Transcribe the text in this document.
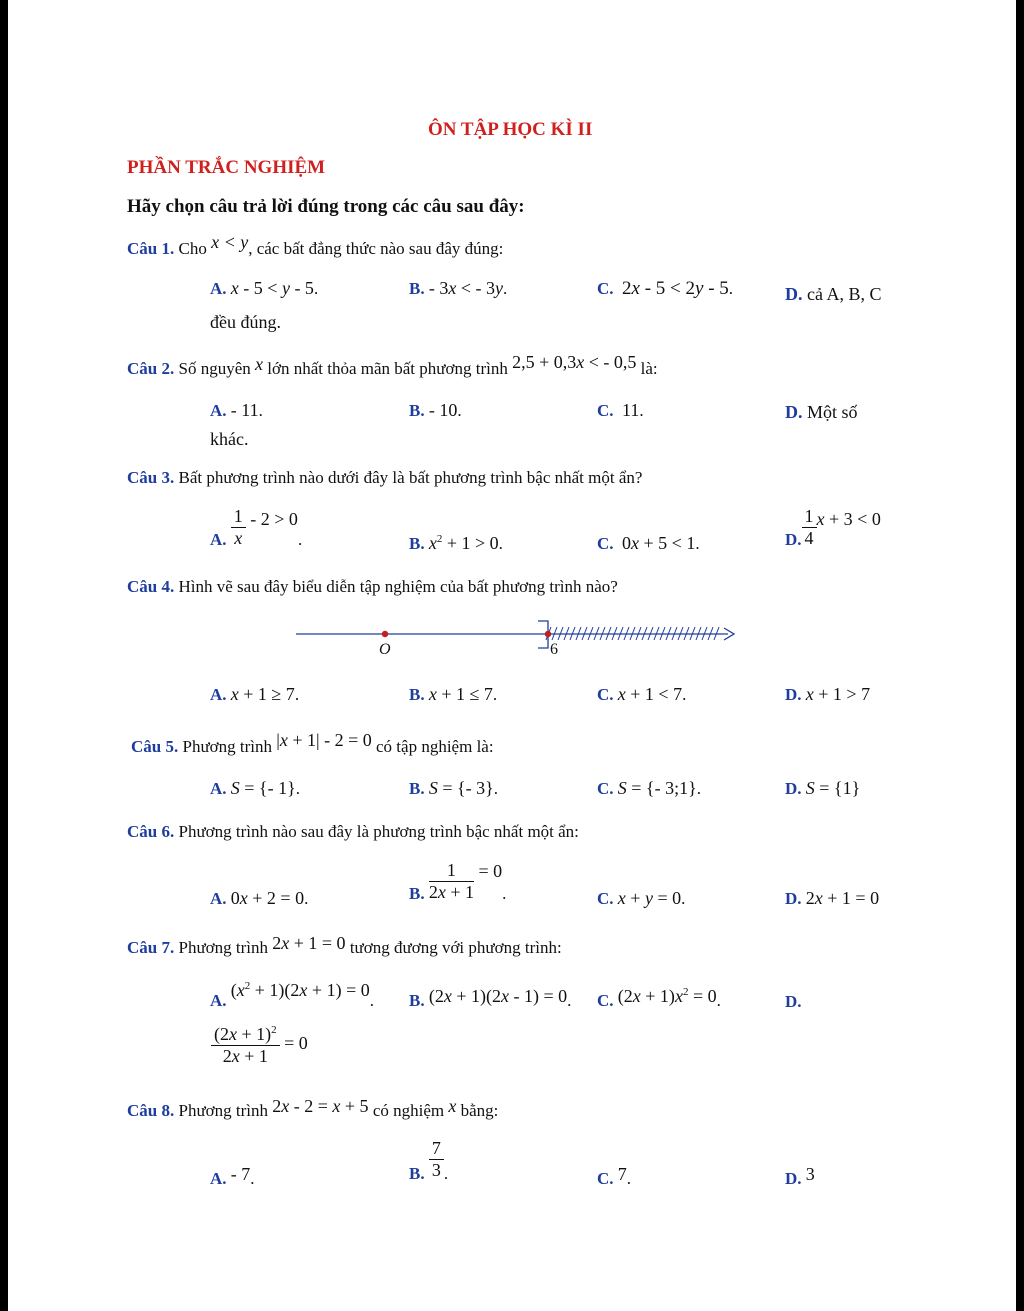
ÔN TẬP HỌC KÌ II
PHẦN TRẮC NGHIỆM
Hãy chọn câu trả lời đúng trong các câu sau đây:
Câu 1. Cho x < y, các bất đẳng thức nào sau đây đúng:
A. x - 5 < y - 5.	B. - 3x < - 3y.	C. 2x - 5 < 2y - 5.	D. cả A, B, C
đều đúng.
Câu 2. Số nguyên x lớn nhất thỏa mãn bất phương trình 2,5 + 0,3x < - 0,5 là:
A. - 11.	B. - 10.	C. 11.	D. Một số
khác.
Câu 3. Bất phương trình nào dưới đây là bất phương trình bậc nhất một ẩn?
A. $\frac{1}{x} - 2 > 0$.	B. $x^2 + 1 > 0$.	C. 0x + 5 < 1.	D. $\frac{1}{4}$ x + 3 < 0
Câu 4. Hình vẽ sau đây biểu diễn tập nghiệm của bất phương trình nào?
O	6
A. x + 1 ≥ 7.	B. x + 1 ≤ 7.	C. x + 1 < 7.	D. x + 1 > 7
Câu 5. Phương trình |x + 1| - 2 = 0 có tập nghiệm là:
A. S = {- 1}.	B. S = {- 3}.	C. S = {- 3;1}.	D. S = {1}
Câu 6. Phương trình nào sau đây là phương trình bậc nhất một ẩn:
A. 0x + 2 = 0.	B. $\frac{1}{2x + 1} = 0$.	C. x + y = 0.	D. 2x + 1 = 0
Câu 7. Phương trình 2x + 1 = 0 tương đương với phương trình:
A. $(x^2 + 1)(2x + 1) = 0$. B. (2x + 1)(2x - 1) = 0. C. $(2x + 1)x^2 = 0$.	D.
$\frac{(2x + 1)^2}{2x + 1} = 0$
Câu 8. Phương trình 2x - 2 = x + 5 có nghiệm x bằng:
A. - 7.	B. $\frac{7}{3}$ .	C. 7.	D. 3
